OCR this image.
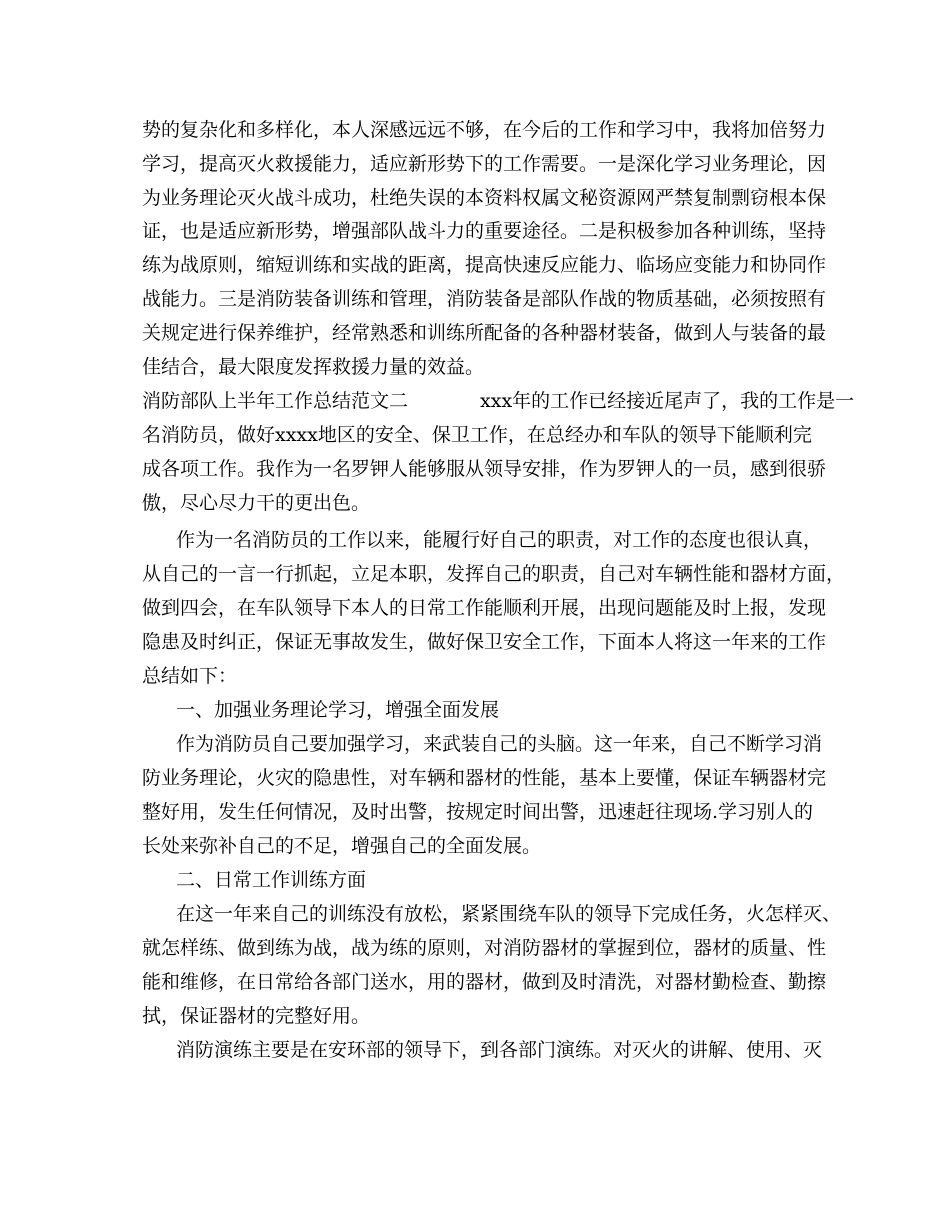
势的复杂化和多样化，本人深感远远不够，在今后的工作和学习中，我将加倍努力
学习，提高灭火救援能力，适应新形势下的工作需要。一是深化学习业务理论，因
为业务理论灭火战斗成功，杜绝失误的本资料权属文秘资源网严禁复制剽窃根本保
证，也是适应新形势，增强部队战斗力的重要途径。二是积极参加各种训练，坚持
练为战原则，缩短训练和实战的距离，提高快速反应能力、临场应变能力和协同作
战能力。三是消防装备训练和管理，消防装备是部队作战的物质基础，必须按照有
关规定进行保养维护，经常熟悉和训练所配备的各种器材装备，做到人与装备的最
佳结合，最大限度发挥救援力量的效益。
消防部队上半年工作总结范文二	xxx年的工作已经接近尾声了，我的工作是一
名消防员，做好xxxx地区的安全、保卫工作，在总经办和车队的领导下能顺利完
成各项工作。我作为一名罗钾人能够服从领导安排，作为罗钾人的一员，感到很骄
傲，尽心尽力干的更出色。
作为一名消防员的工作以来，能履行好自己的职责，对工作的态度也很认真，
从自己的一言一行抓起，立足本职，发挥自己的职责，自己对车辆性能和器材方面，
做到四会，在车队领导下本人的日常工作能顺利开展，出现问题能及时上报，发现
隐患及时纠正，保证无事故发生，做好保卫安全工作，下面本人将这一年来的工作
总结如下：
一、加强业务理论学习，增强全面发展
作为消防员自己要加强学习，来武装自己的头脑。这一年来，自己不断学习消
防业务理论，火灾的隐患性，对车辆和器材的性能，基本上要懂，保证车辆器材完
整好用，发生任何情况，及时出警，按规定时间出警，迅速赶往现场.学习别人的
长处来弥补自己的不足，增强自己的全面发展。
二、日常工作训练方面
在这一年来自己的训练没有放松，紧紧围绕车队的领导下完成任务，火怎样灭、
就怎样练、做到练为战，战为练的原则，对消防器材的掌握到位，器材的质量、性
能和维修，在日常给各部门送水，用的器材，做到及时清洗，对器材勤检查、勤擦
拭，保证器材的完整好用。
消防演练主要是在安环部的领导下，到各部门演练。对灭火的讲解、使用、灭
